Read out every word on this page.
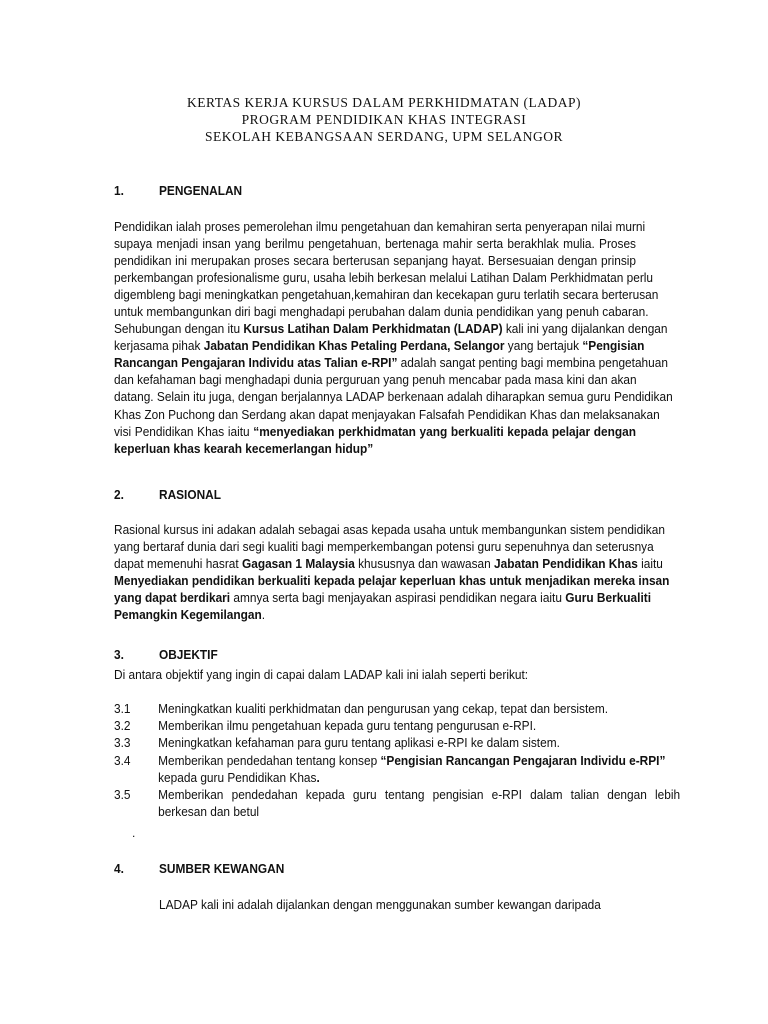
KERTAS KERJA KURSUS DALAM PERKHIDMATAN (LADAP)
PROGRAM PENDIDIKAN KHAS INTEGRASI
SEKOLAH KEBANGSAAN SERDANG, UPM SELANGOR
1.	PENGENALAN
Pendidikan ialah proses pemerolehan ilmu pengetahuan dan kemahiran serta penyerapan nilai murni
supaya menjadi insan yang berilmu pengetahuan, bertenaga mahir serta berakhlak mulia. Proses
pendidikan ini merupakan proses secara berterusan sepanjang hayat. Bersesuaian dengan prinsip
perkembangan profesionalisme guru, usaha lebih berkesan melalui Latihan Dalam Perkhidmatan perlu
digembleng bagi meningkatkan pengetahuan,kemahiran dan kecekapan guru terlatih secara berterusan
untuk membangunkan diri bagi menghadapi perubahan dalam dunia pendidikan yang penuh cabaran.
Sehubungan dengan itu Kursus Latihan Dalam Perkhidmatan (LADAP) kali ini yang dijalankan dengan
kerjasama pihak Jabatan Pendidikan Khas Petaling Perdana, Selangor yang bertajuk “Pengisian
Rancangan Pengajaran Individu atas Talian e-RPI” adalah sangat penting bagi membina pengetahuan
dan kefahaman bagi menghadapi dunia perguruan yang penuh mencabar pada masa kini dan akan
datang. Selain itu juga, dengan berjalannya LADAP berkenaan adalah diharapkan semua guru Pendidikan
Khas Zon Puchong dan Serdang akan dapat menjayakan Falsafah Pendidikan Khas dan melaksanakan
visi Pendidikan Khas iaitu “menyediakan perkhidmatan yang berkualiti kepada pelajar dengan
keperluan khas kearah kecemerlangan hidup”
2.	RASIONAL
Rasional kursus ini adakan adalah sebagai asas kepada usaha untuk membangunkan sistem pendidikan
yang bertaraf dunia dari segi kualiti bagi memperkembangan potensi guru sepenuhnya dan seterusnya
dapat memenuhi hasrat Gagasan 1 Malaysia khususnya dan wawasan Jabatan Pendidikan Khas iaitu
Menyediakan pendidikan berkualiti kepada pelajar keperluan khas untuk menjadikan mereka insan
yang dapat berdikari amnya serta bagi menjayakan aspirasi pendidikan negara iaitu Guru Berkualiti
Pemangkin Kegemilangan.
3.	OBJEKTIF
Di antara objektif yang ingin di capai dalam LADAP kali ini ialah seperti berikut:
3.1 Meningkatkan kualiti perkhidmatan dan pengurusan yang cekap, tepat dan bersistem.
3.2 Memberikan ilmu pengetahuan kepada guru tentang pengurusan e-RPI.
3.3 Meningkatkan kefahaman para guru tentang aplikasi e-RPI ke dalam sistem.
3.4 Memberikan pendedahan tentang konsep “Pengisian Rancangan Pengajaran Individu e-RPI”
kepada guru Pendidikan Khas.
3.5 Memberikan pendedahan kepada guru tentang pengisian e-RPI dalam talian dengan lebih
berkesan dan betul
.
4.	SUMBER KEWANGAN
LADAP kali ini adalah dijalankan dengan menggunakan sumber kewangan daripada
